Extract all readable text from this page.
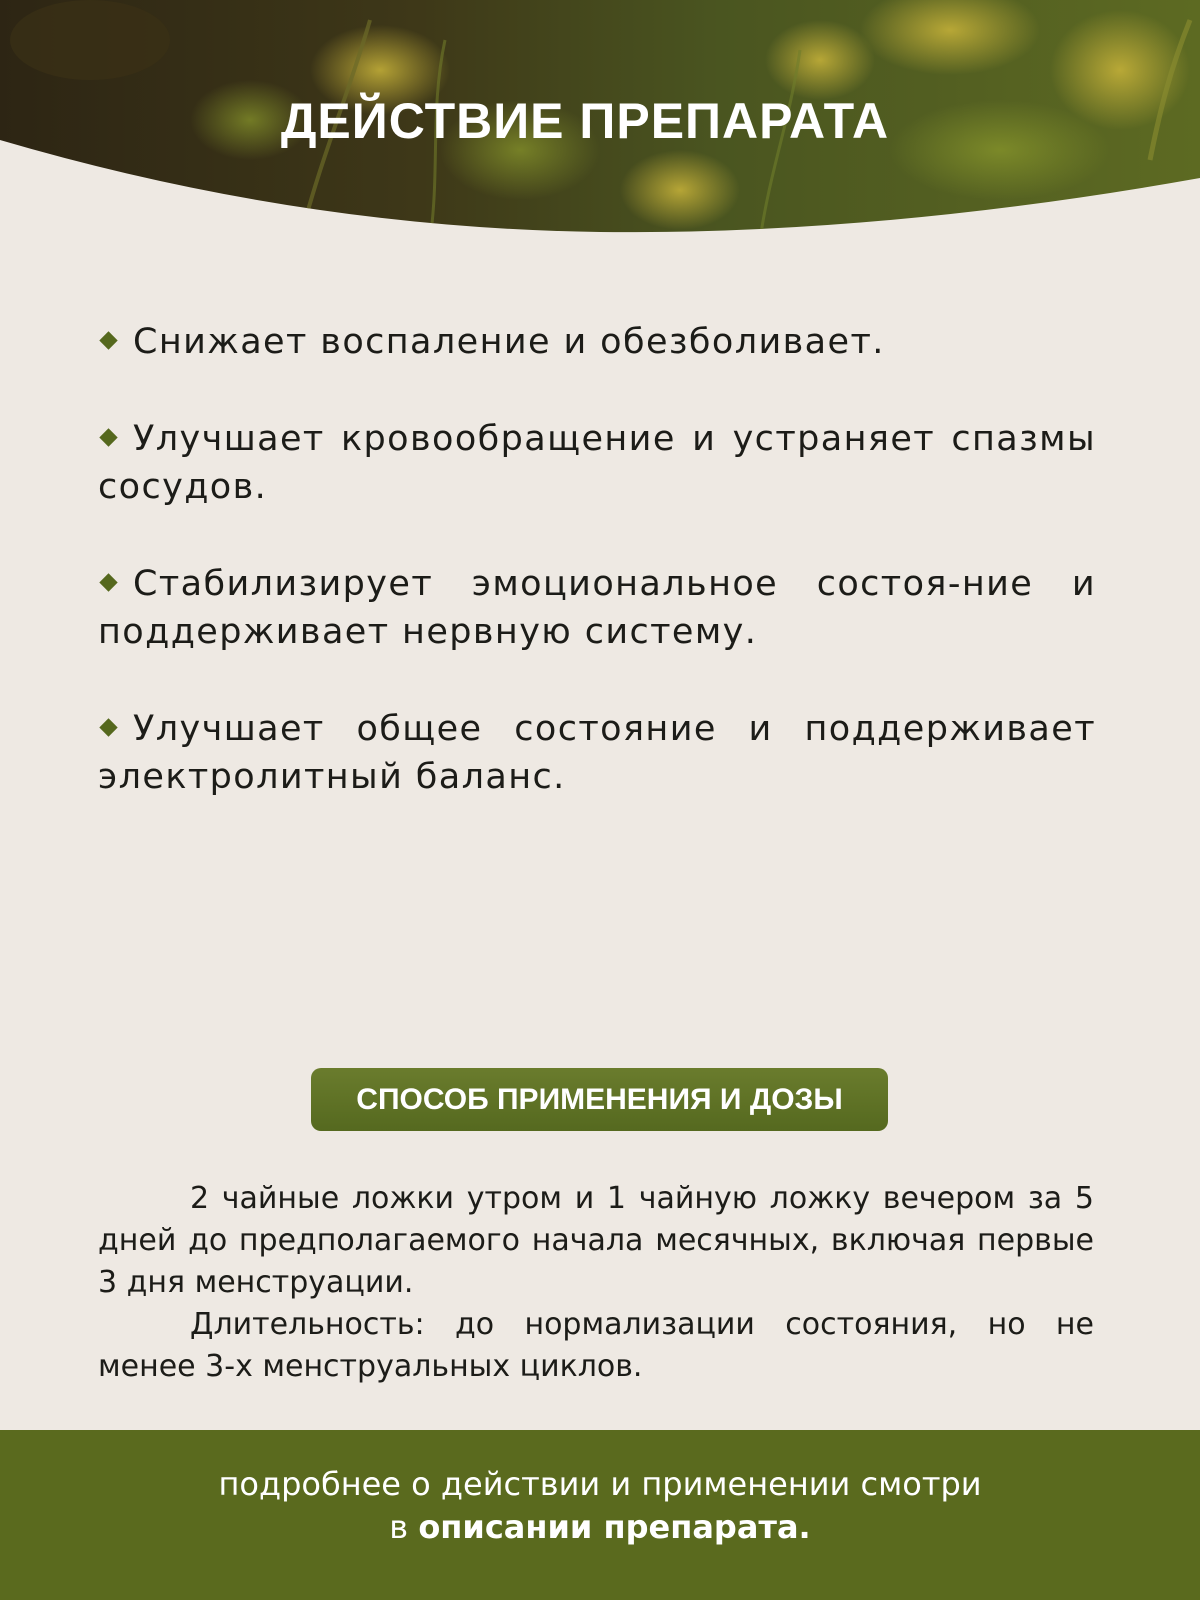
ДЕЙСТВИЕ ПРЕПАРАТА

Снижает воспаление и обезболивает.

Улучшает кровообращение и устраняет спазмы сосудов.

Стабилизирует эмоциональное состоя-ние и поддерживает нервную систему.

Улучшает общее состояние и поддерживает электролитный баланс.

СПОСОБ ПРИМЕНЕНИЯ И ДОЗЫ

2 чайные ложки утром и 1 чайную ложку вечером за 5 дней до предполагаемого начала месячных, включая первые 3 дня менструации.

Длительность: до нормализации состояния, но не менее 3-х менструальных циклов.

подробнее о действии и применении смотри
в описании препарата.
